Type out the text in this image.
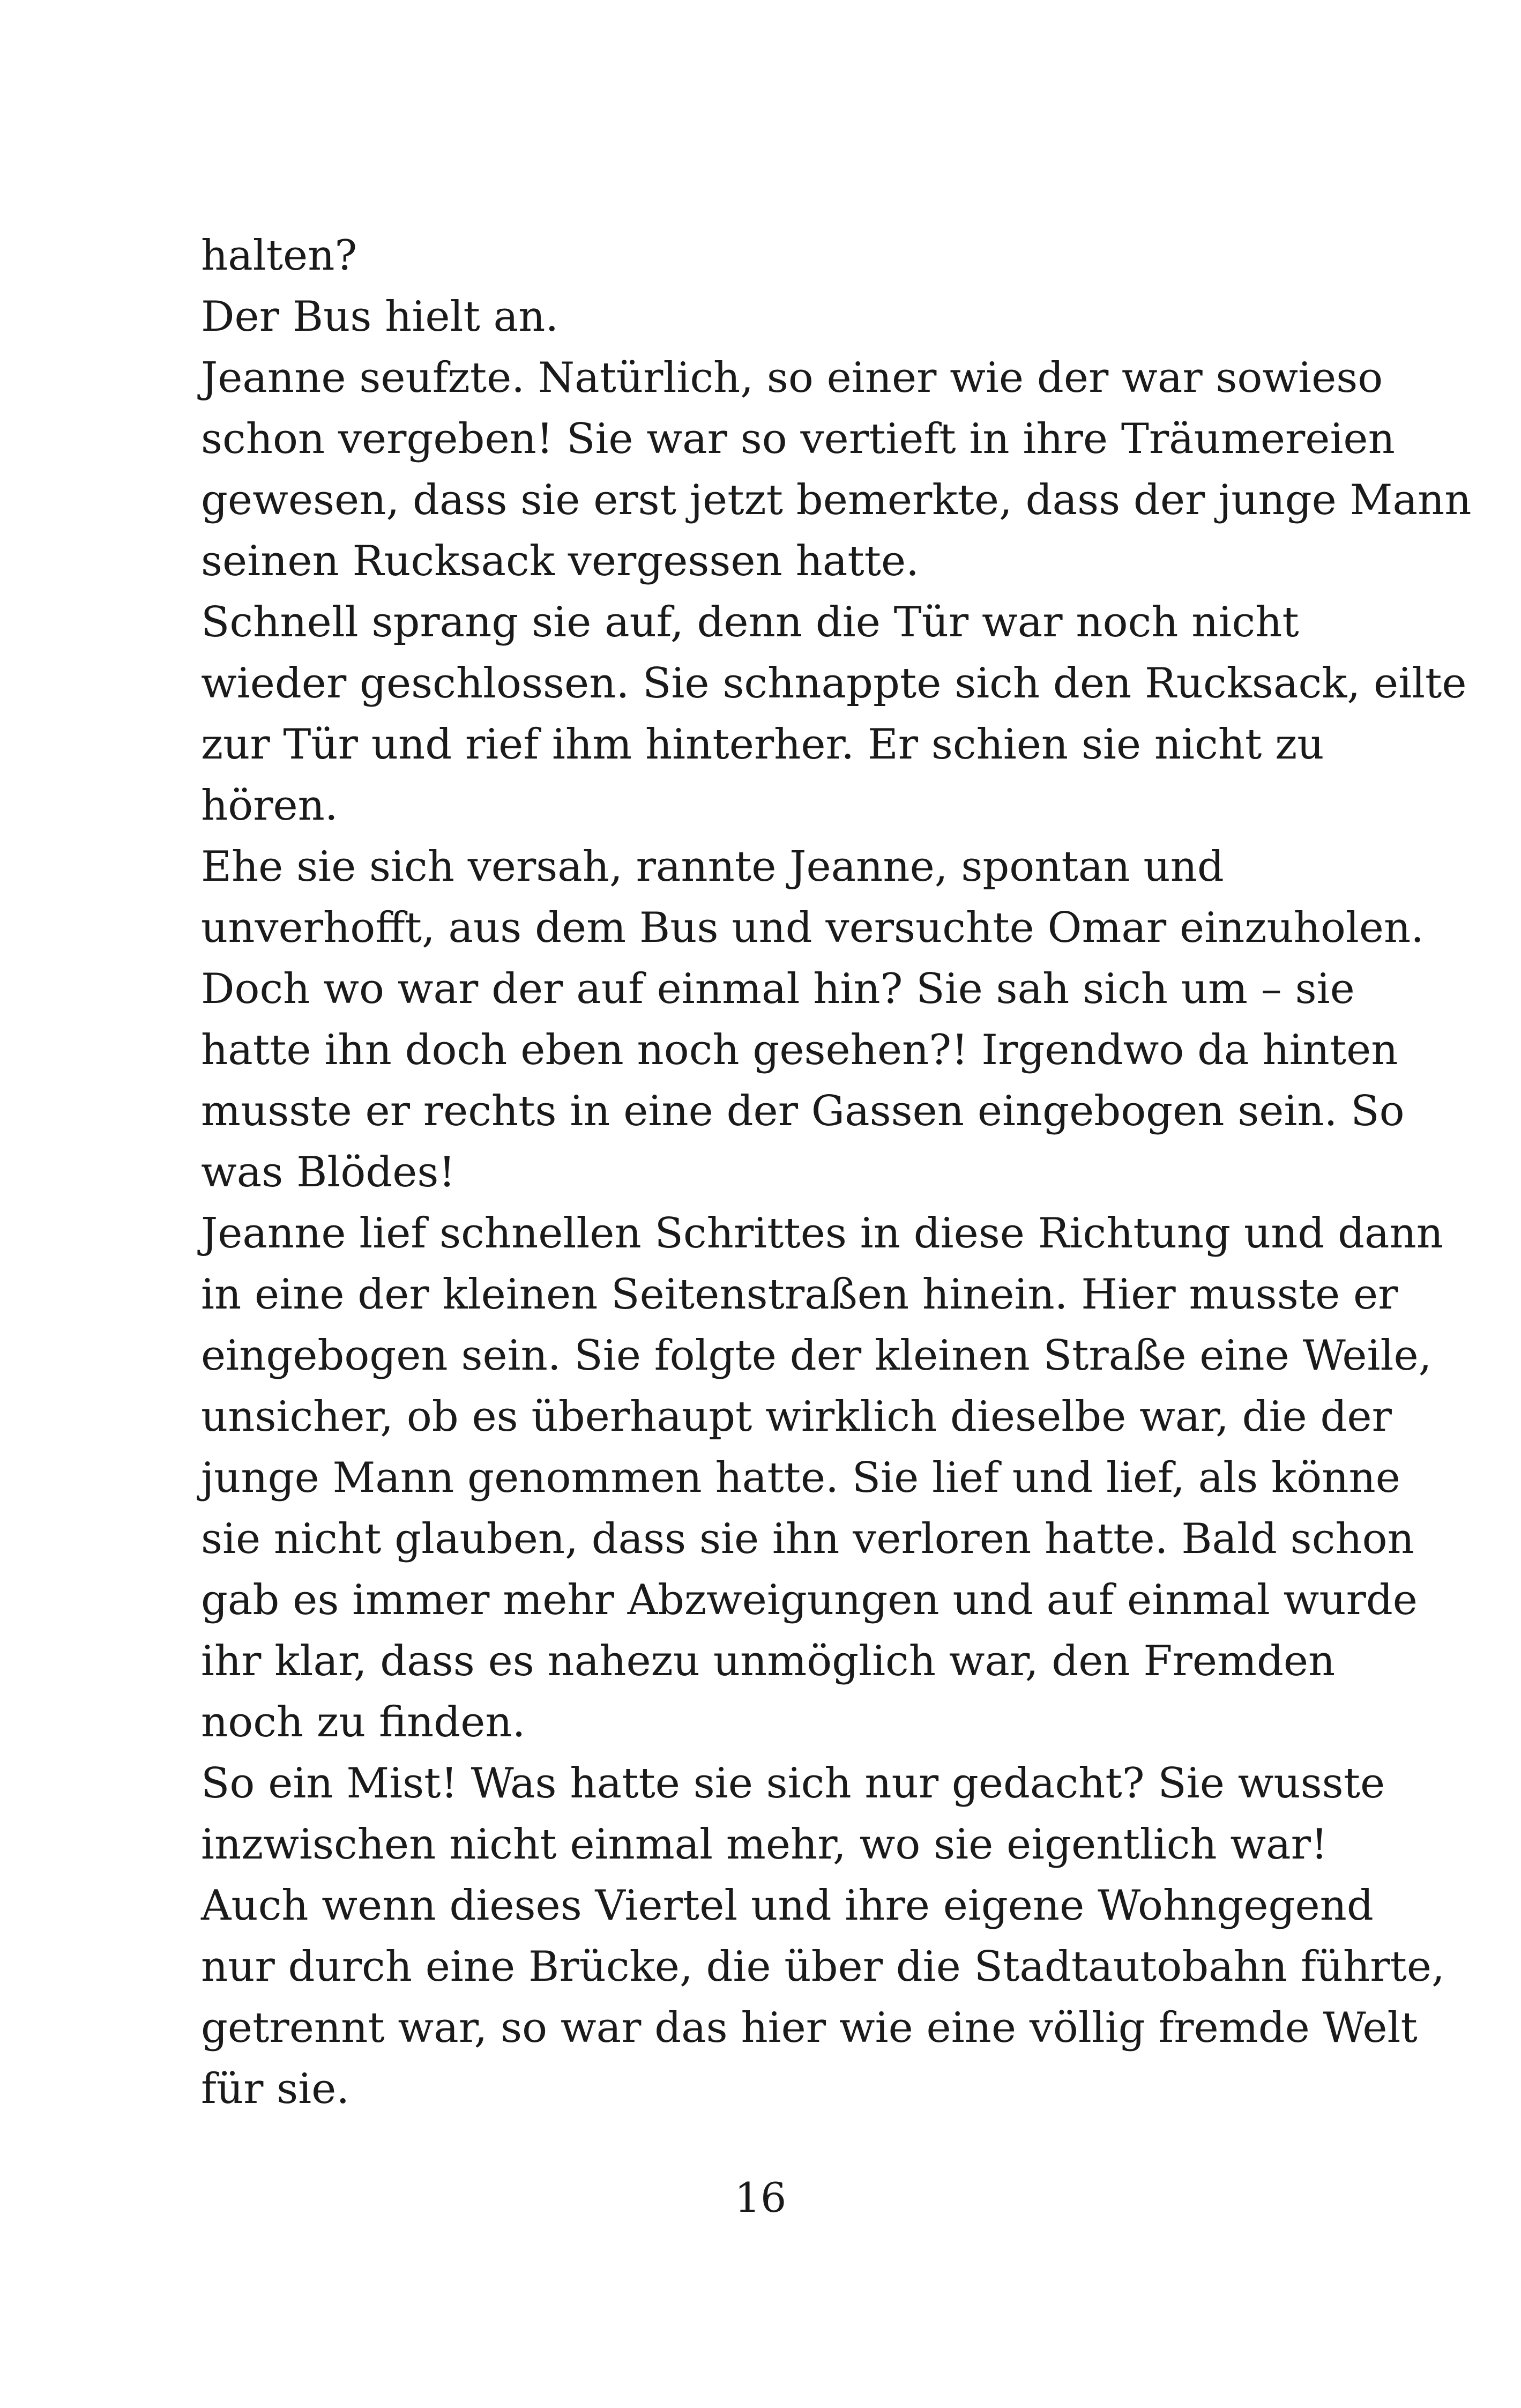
halten?
Der Bus hielt an.
Jeanne seufzte. Natürlich, so einer wie der war sowieso
schon vergeben! Sie war so vertieft in ihre Träumereien
gewesen, dass sie erst jetzt bemerkte, dass der junge Mann
seinen Rucksack vergessen hatte.
Schnell sprang sie auf, denn die Tür war noch nicht
wieder geschlossen. Sie schnappte sich den Rucksack, eilte
zur Tür und rief ihm hinterher. Er schien sie nicht zu
hören.
Ehe sie sich versah, rannte Jeanne, spontan und
unverhofft, aus dem Bus und versuchte Omar einzuholen.
Doch wo war der auf einmal hin? Sie sah sich um – sie
hatte ihn doch eben noch gesehen?! Irgendwo da hinten
musste er rechts in eine der Gassen eingebogen sein. So
was Blödes!
Jeanne lief schnellen Schrittes in diese Richtung und dann
in eine der kleinen Seitenstraßen hinein. Hier musste er
eingebogen sein. Sie folgte der kleinen Straße eine Weile,
unsicher, ob es überhaupt wirklich dieselbe war, die der
junge Mann genommen hatte. Sie lief und lief, als könne
sie nicht glauben, dass sie ihn verloren hatte. Bald schon
gab es immer mehr Abzweigungen und auf einmal wurde
ihr klar, dass es nahezu unmöglich war, den Fremden
noch zu finden.
So ein Mist! Was hatte sie sich nur gedacht? Sie wusste
inzwischen nicht einmal mehr, wo sie eigentlich war!
Auch wenn dieses Viertel und ihre eigene Wohngegend
nur durch eine Brücke, die über die Stadtautobahn führte,
getrennt war, so war das hier wie eine völlig fremde Welt
für sie.
16
